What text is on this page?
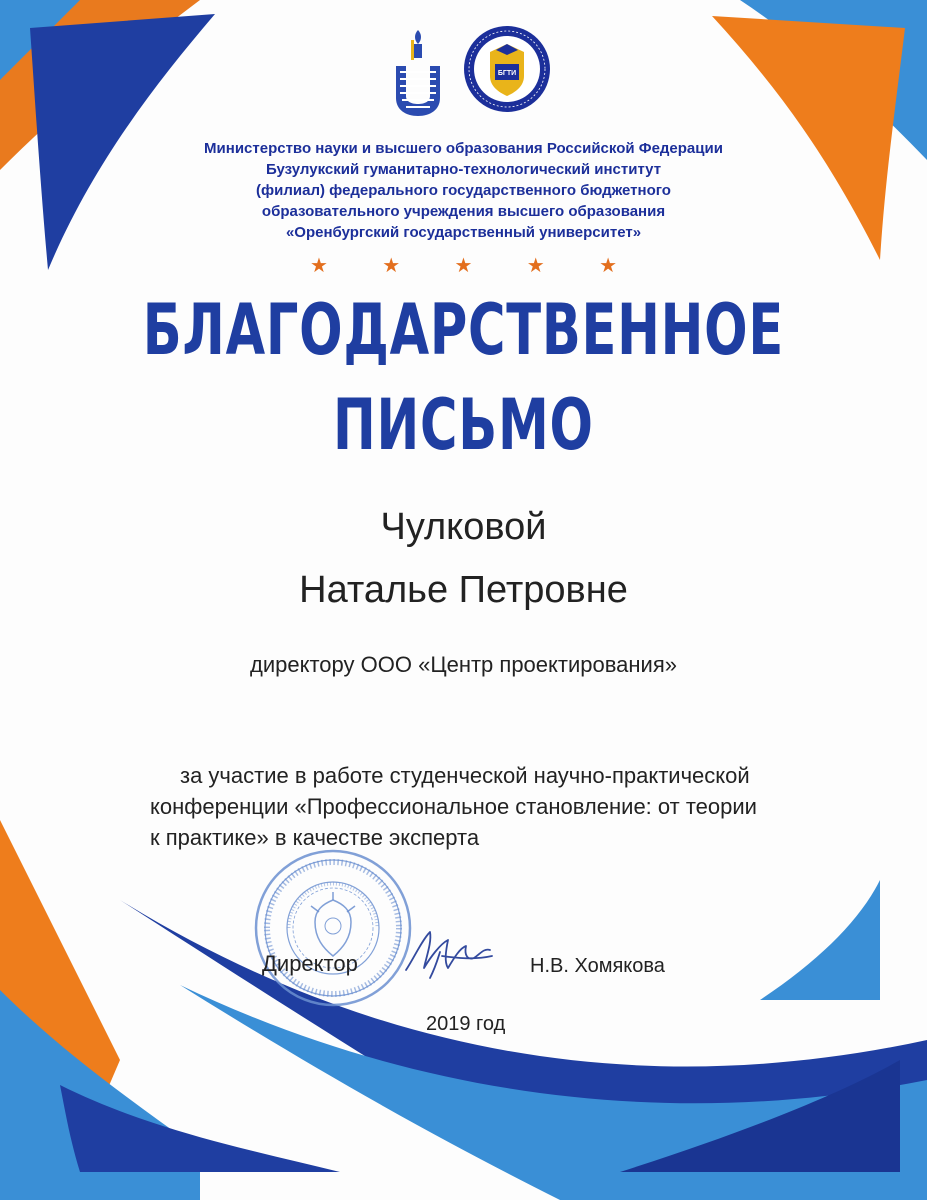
БГТИ
Министерство науки и высшего образования Российской Федерации
Бузулукский гуманитарно-технологический институт
(филиал) федерального государственного бюджетного
образовательного учреждения высшего образования
«Оренбургский государственный университет»
★	★	★	★	★
БЛАГОДАРСТВЕННОЕ
ПИСЬМО
Чулковой
Наталье Петровне
директору ООО «Центр проектирования»
за участие в работе студенческой научно-практической
конференции «Профессиональное становление: от теории
к практике» в качестве эксперта
Директор	Н.В. Хомякова
2019 год
